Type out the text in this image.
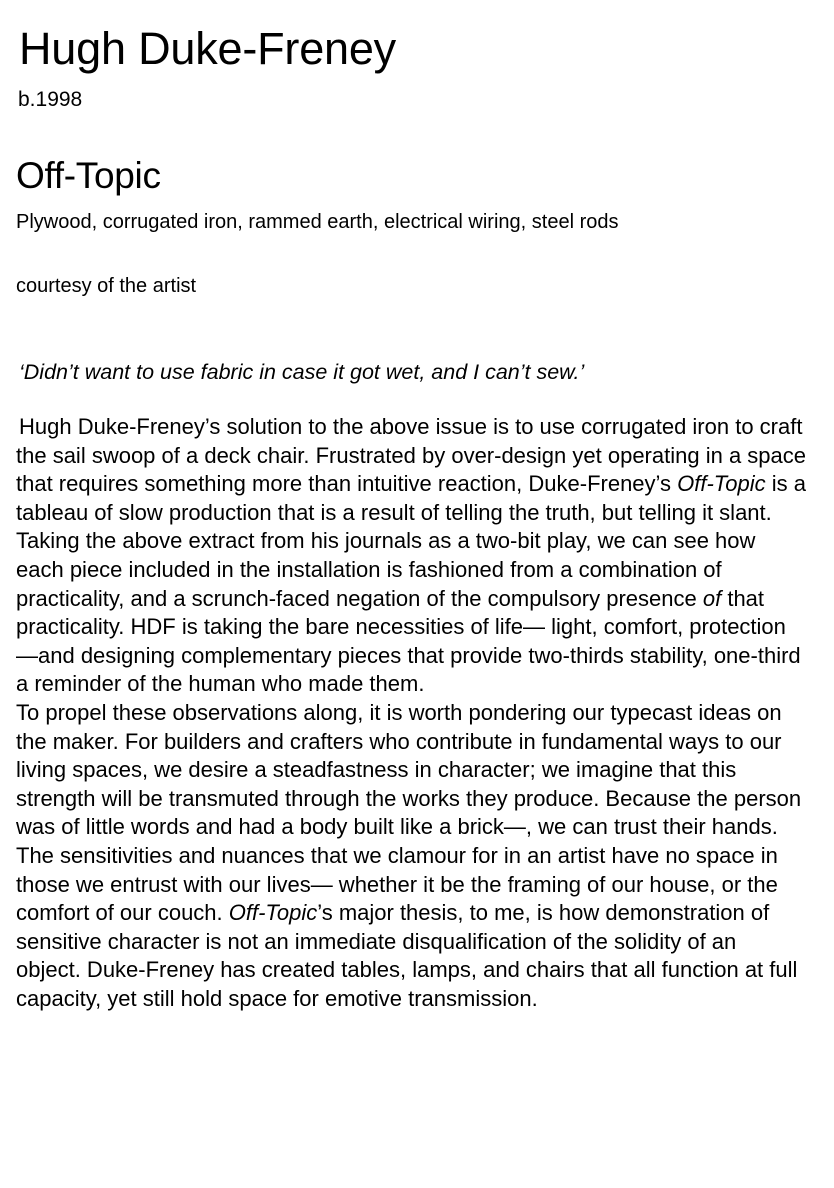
Hugh Duke-Freney
b.1998
Off-Topic
Plywood, corrugated iron, rammed earth, electrical wiring, steel rods
courtesy of the artist
‘Didn’t want to use fabric in case it got wet, and I can’t sew.’

Hugh Duke-Freney’s solution to the above issue is to use corrugated iron to craft the sail swoop of a deck chair. Frustrated by over-design yet operating in a space that requires something more than intuitive reaction, Duke-Freney’s Off-Topic is a tableau of slow production that is a result of telling the truth, but telling it slant.

Taking the above extract from his journals as a two-bit play, we can see how each piece included in the installation is fashioned from a combination of practicality, and a scrunch-faced negation of the compulsory presence of that practicality. HDF is taking the bare necessities of life— light, comfort, protection—and designing complementary pieces that provide two-thirds stability, one-third a reminder of the human who made them.

To propel these observations along, it is worth pondering our typecast ideas on the maker. For builders and crafters who contribute in fundamental ways to our living spaces, we desire a steadfastness in character; we imagine that this strength will be transmuted through the works they produce. Because the person was of little words and had a body built like a brick—, we can trust their hands. The sensitivities and nuances that we clamour for in an artist have no space in those we entrust with our lives— whether it be the framing of our house, or the comfort of our couch. Off-Topic’s major thesis, to me, is how demonstration of sensitive character is not an immediate disqualification of the solidity of an object. Duke-Freney has created tables, lamps, and chairs that all function at full capacity, yet still hold space for emotive transmission.
